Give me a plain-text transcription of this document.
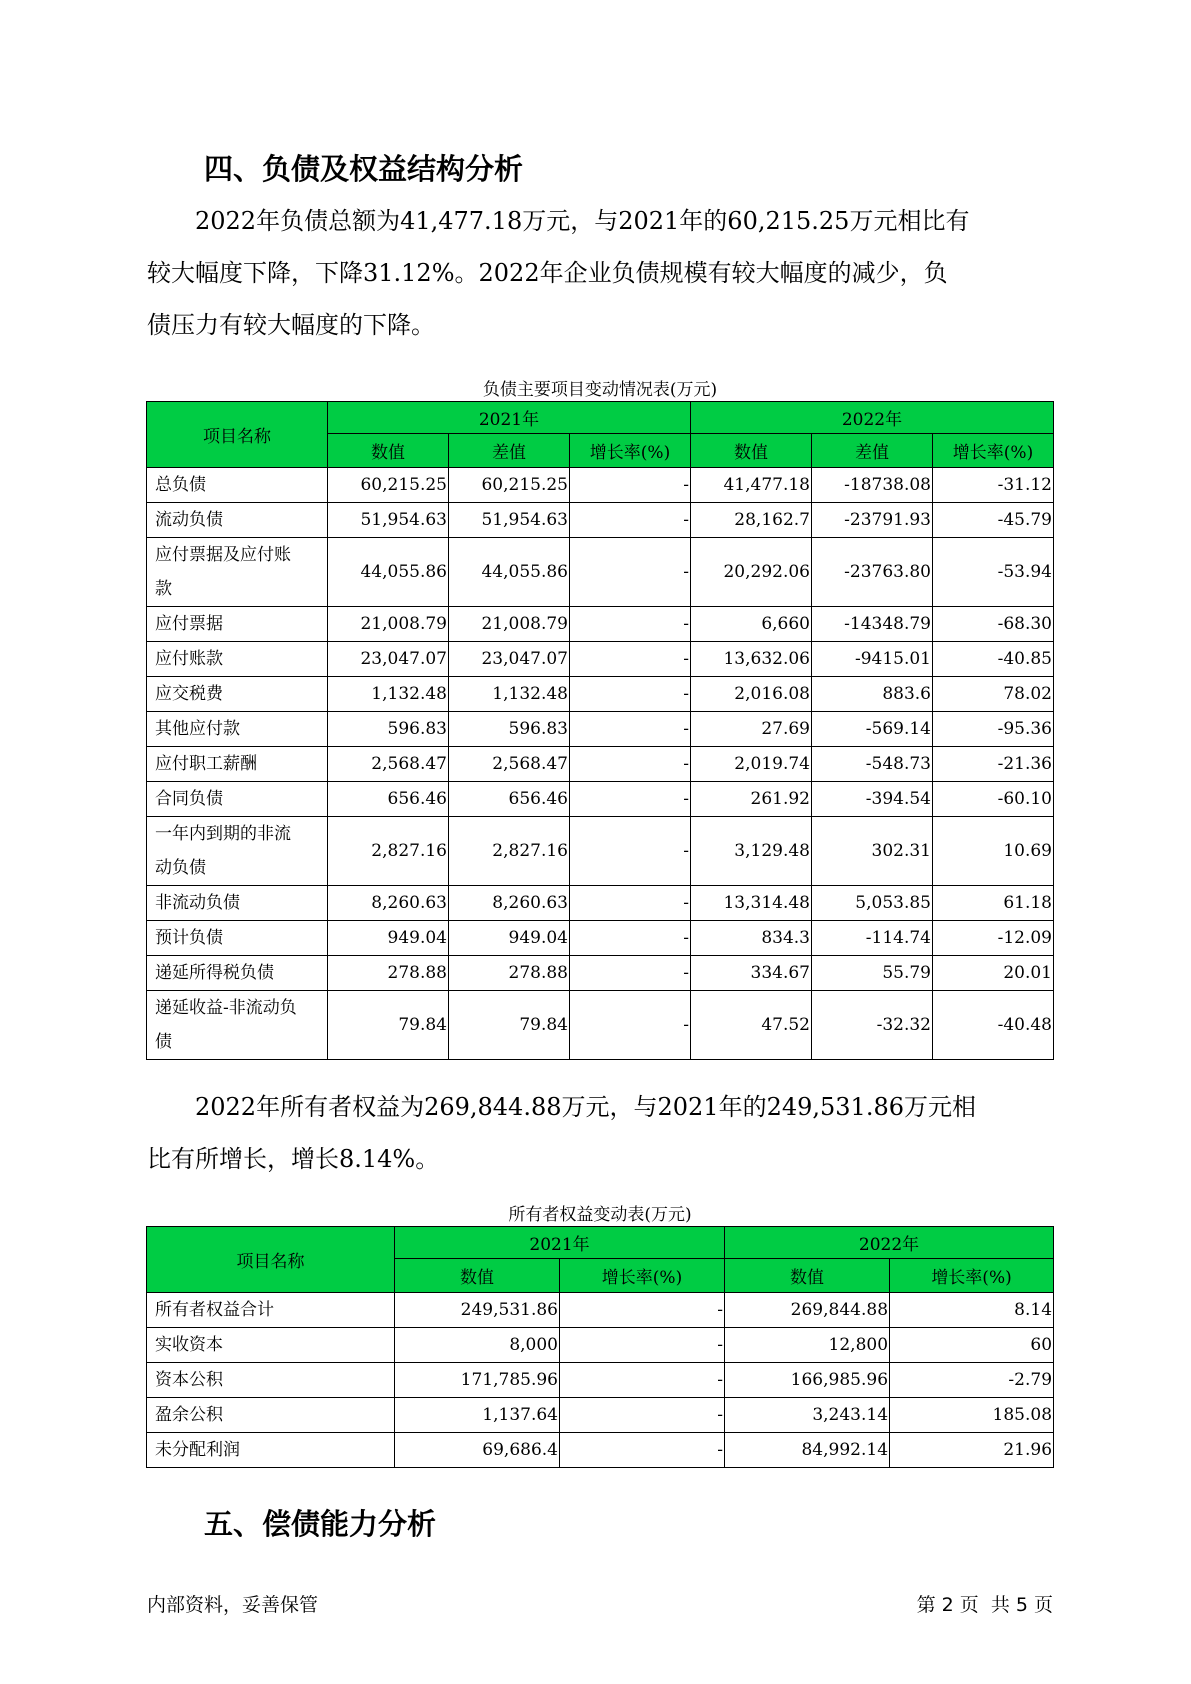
四、负债及权益结构分析

2022年负债总额为41,477.18万元，与2021年的60,215.25万元相比有
较大幅度下降，下降31.12%。2022年企业负债规模有较大幅度的减少，负
债压力有较大幅度的下降。

负债主要项目变动情况表(万元)
项目名称	2021年			2022年		
	数值	差值	增长率(%)	数值	差值	增长率(%)

总负债	60,215.25	60,215.25	-	41,477.18	-18738.08	-31.12

流动负债	51,954.63	51,954.63	-	28,162.7	-23791.93	-45.79

应付票据及应付账
款	44,055.86	44,055.86	-	20,292.06	-23763.80	-53.94

应付票据	21,008.79	21,008.79	-	6,660	-14348.79	-68.30

应付账款	23,047.07	23,047.07	-	13,632.06	-9415.01	-40.85

应交税费	1,132.48	1,132.48	-	2,016.08	883.6	78.02

其他应付款	596.83	596.83	-	27.69	-569.14	-95.36

应付职工薪酬	2,568.47	2,568.47	-	2,019.74	-548.73	-21.36

合同负债	656.46	656.46	-	261.92	-394.54	-60.10

一年内到期的非流
动负债	2,827.16	2,827.16	-	3,129.48	302.31	10.69

非流动负债	8,260.63	8,260.63	-	13,314.48	5,053.85	61.18

预计负债	949.04	949.04	-	834.3	-114.74	-12.09

递延所得税负债	278.88	278.88	-	334.67	55.79	20.01

递延收益-非流动负
债	79.84	79.84	-	47.52	-32.32	-40.48

2022年所有者权益为269,844.88万元，与2021年的249,531.86万元相
比有所增长，增长8.14%。

所有者权益变动表(万元)
项目名称	2021年		2022年	
	数值	增长率(%)	数值	增长率(%)
所有者权益合计	249,531.86	-	269,844.88	8.14
实收资本	8,000	-	12,800	60
资本公积	171,785.96	-	166,985.96	-2.79
盈余公积	1,137.64	-	3,243.14	185.08
未分配利润	69,686.4	-	84,992.14	21.96
五、偿债能力分析
内部资料，妥善保管	第 2 页  共 5 页
